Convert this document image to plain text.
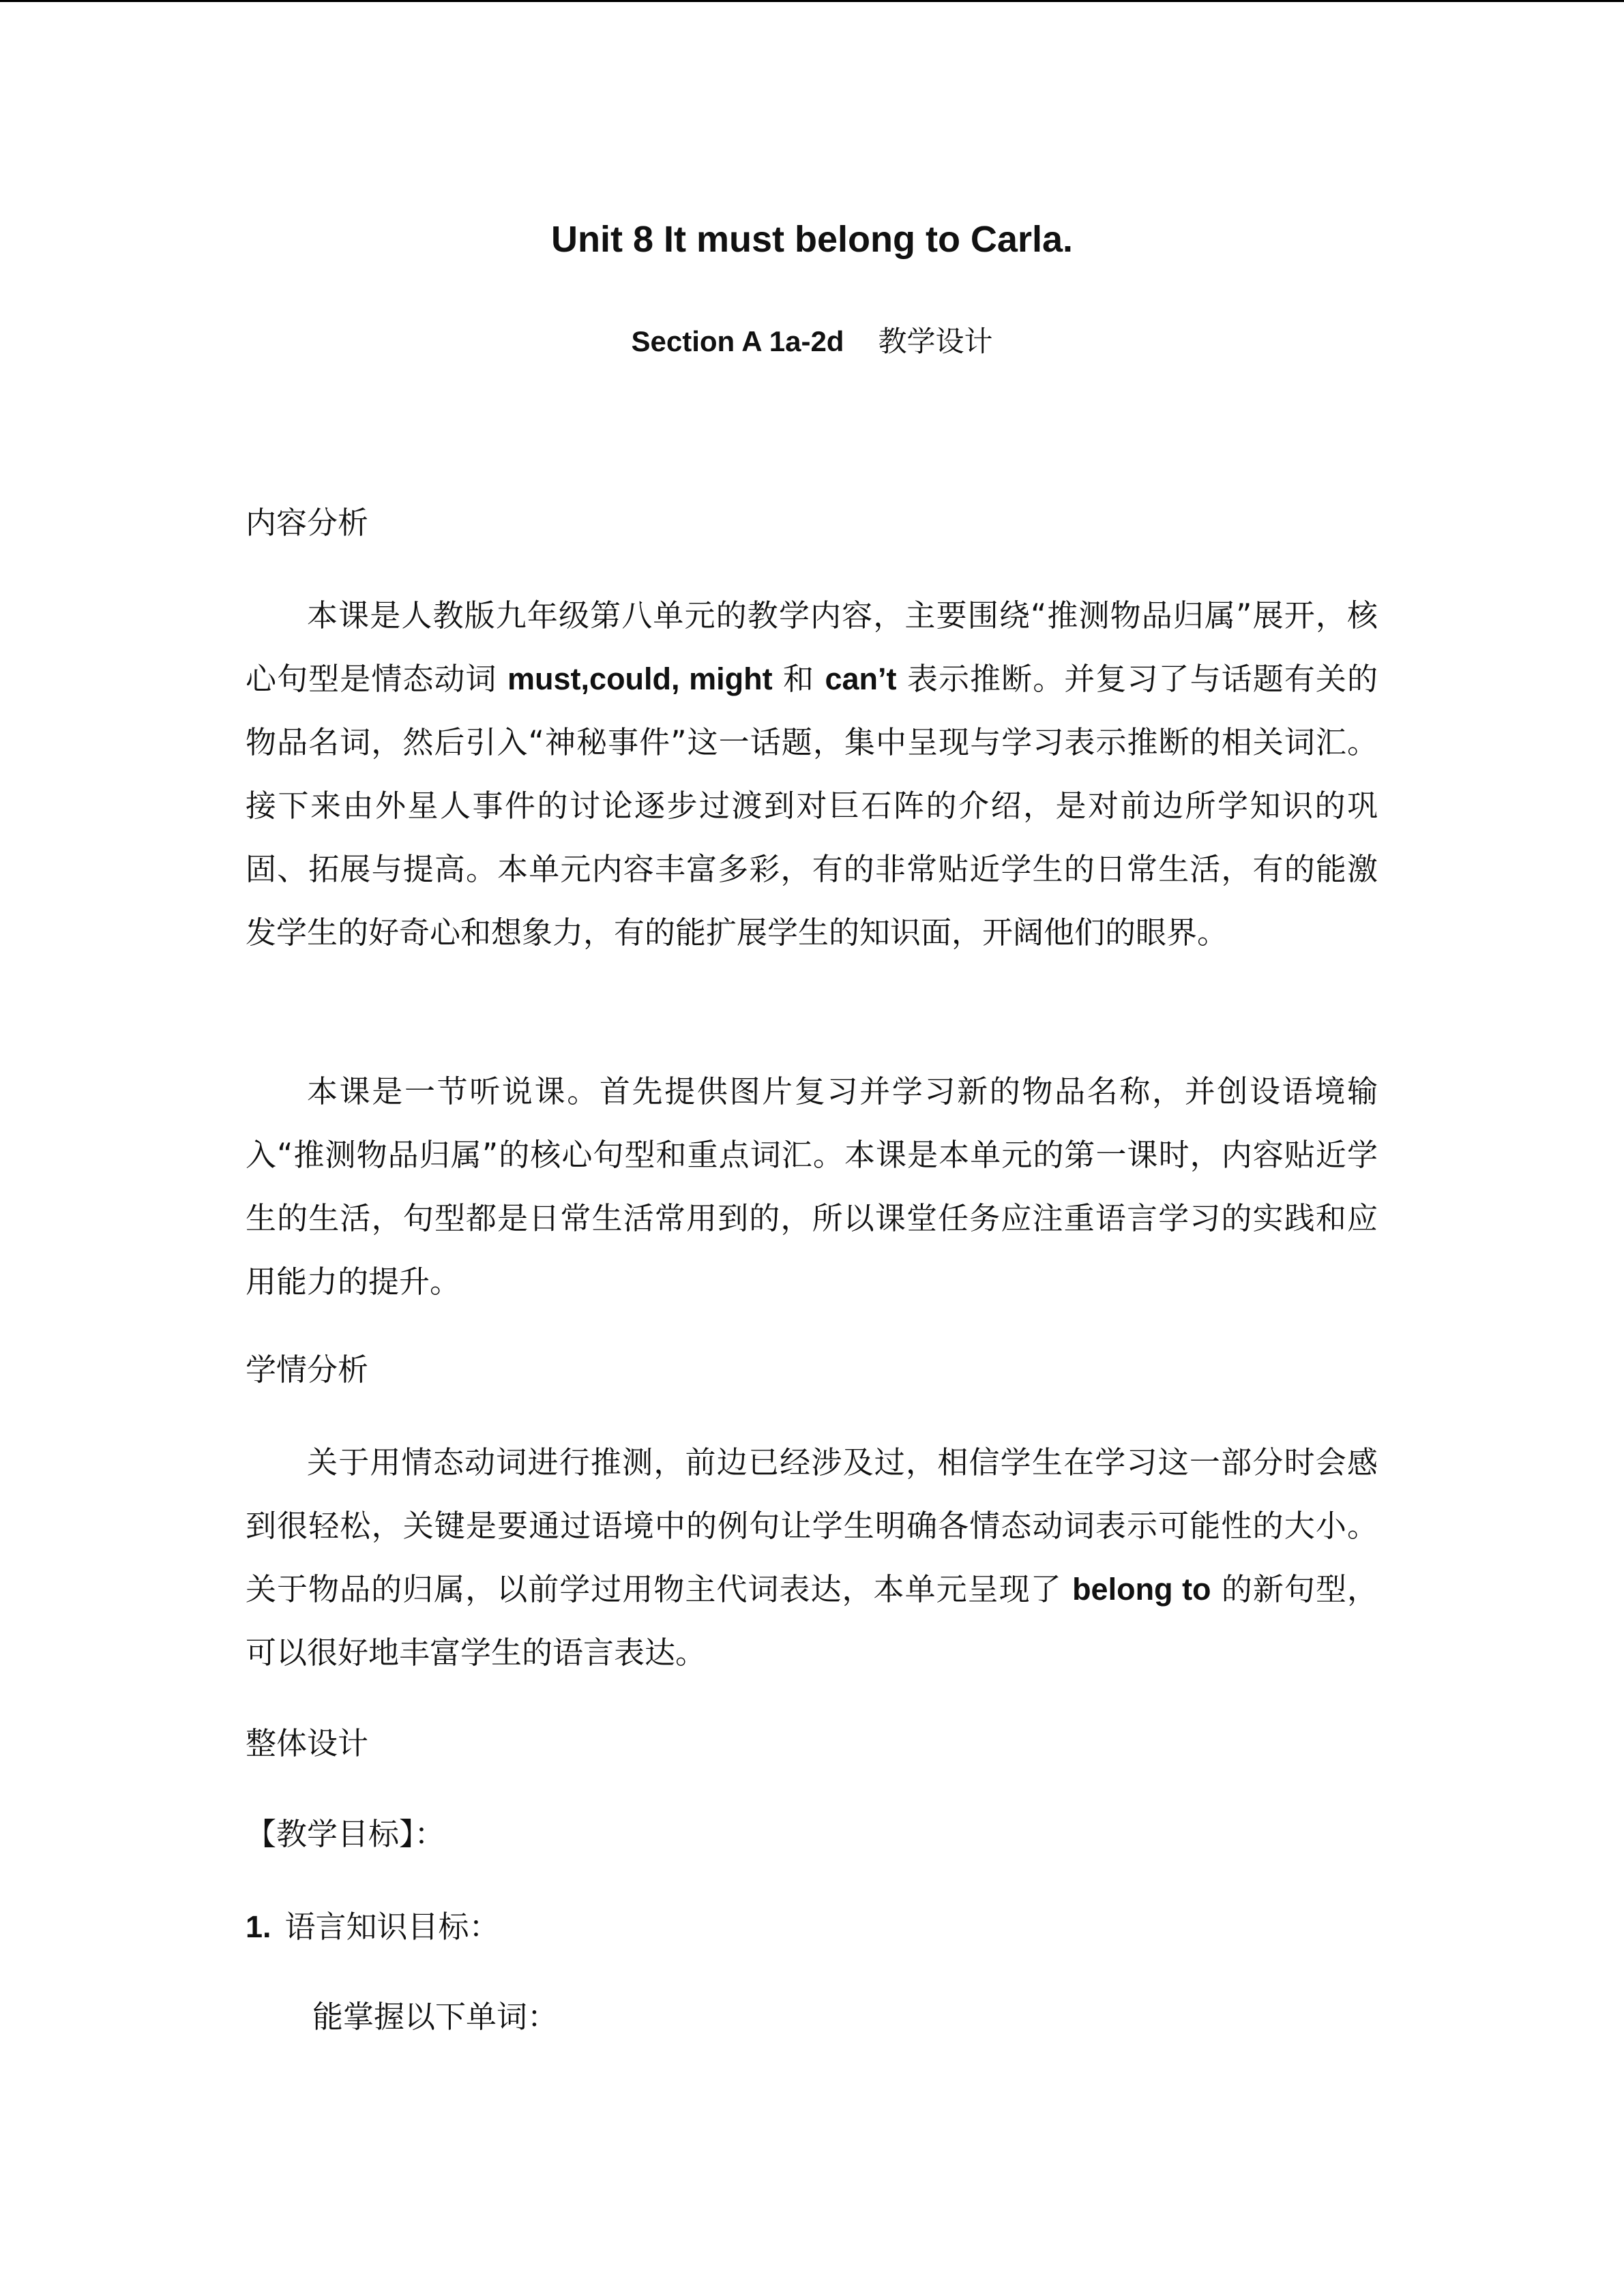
Unit 8 It must belong to Carla.
Section A 1a-2d 教学设计
内容分析

本课是人教版九年级第八单元的教学内容，主要围绕“推测物品归属”展开，核心句型是情态动词 must,could, might 和 can’t 表示推断。并复习了与话题有关的物品名词，然后引入“神秘事件”这一话题，集中呈现与学习表示推断的相关词汇。接下来由外星人事件的讨论逐步过渡到对巨石阵的介绍，是对前边所学知识的巩固、拓展与提高。本单元内容丰富多彩，有的非常贴近学生的日常生活，有的能激发学生的好奇心和想象力，有的能扩展学生的知识面，开阔他们的眼界。

本课是一节听说课。首先提供图片复习并学习新的物品名称，并创设语境输入“推测物品归属”的核心句型和重点词汇。本课是本单元的第一课时，内容贴近学生的生活，句型都是日常生活常用到的，所以课堂任务应注重语言学习的实践和应用能力的提升。

学情分析

关于用情态动词进行推测，前边已经涉及过，相信学生在学习这一部分时会感到很轻松，关键是要通过语境中的例句让学生明确各情态动词表示可能性的大小。关于物品的归属，以前学过用物主代词表达，本单元呈现了 belong to 的新句型，可以很好地丰富学生的语言表达。

整体设计
【教学目标】：
1. 语言知识目标：
能掌握以下单词：
